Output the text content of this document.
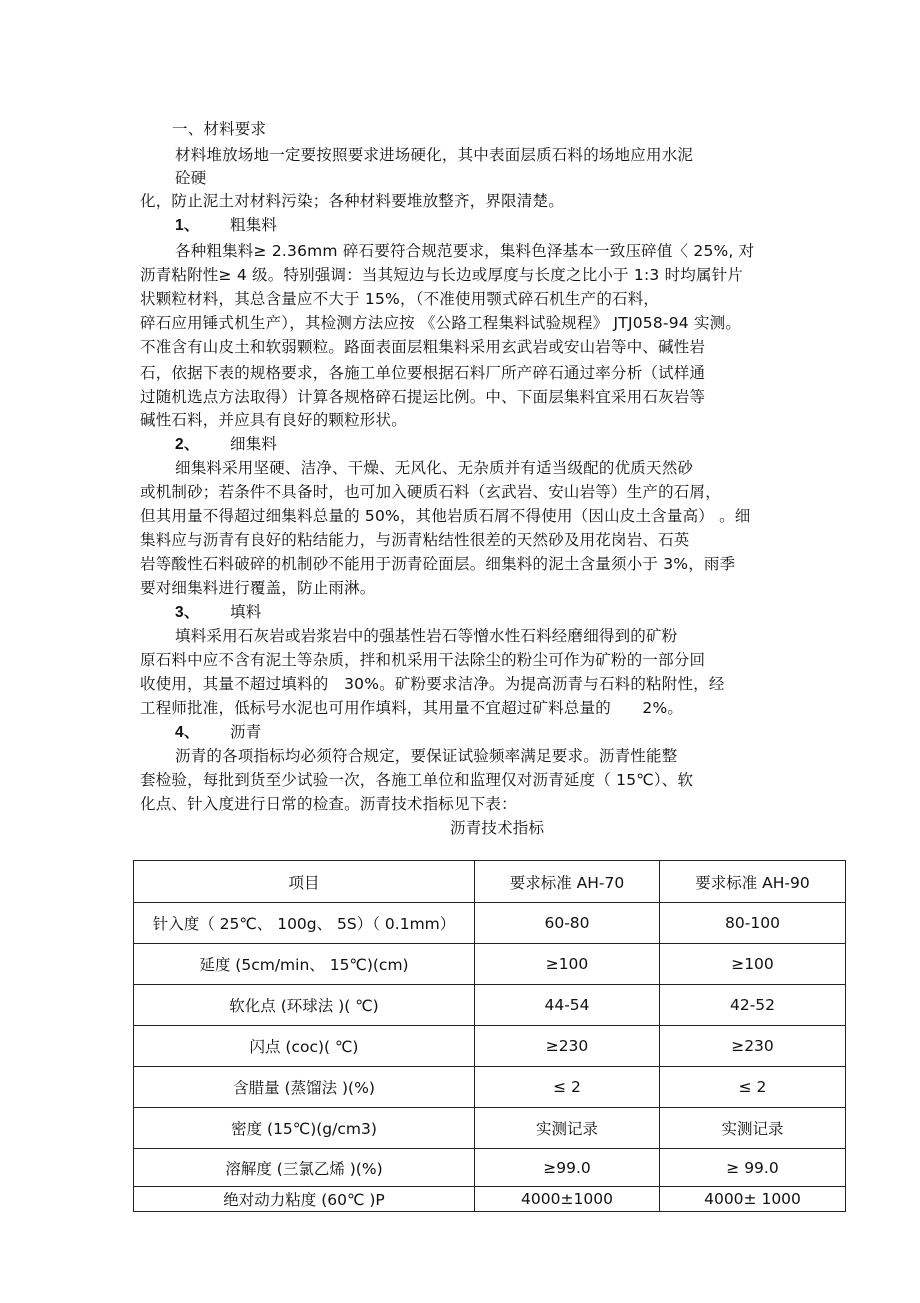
一、材料要求
材料堆放场地一定要按照要求进场硬化，其中表面层质石料的场地应用水泥
砼硬
化，防止泥土对材料污染；各种材料要堆放整齐，界限清楚。
1、 粗集料
各种粗集料≥ 2.36mm 碎石要符合规范要求，集料色泽基本一致压碎值〈 25%, 对
沥青粘附性≥ 4 级。特别强调：当其短边与长边或厚度与长度之比小于 1:3 时均属针片
状颗粒材料，其总含量应不大于 15%，（不准使用颚式碎石机生产的石料，
碎石应用锤式机生产），其检测方法应按 《公路工程集料试验规程》 JTJ058-94 实测。
不准含有山皮土和软弱颗粒。路面表面层粗集料采用玄武岩或安山岩等中、碱性岩
石，依据下表的规格要求，各施工单位要根据石料厂所产碎石通过率分析（试样通
过随机选点方法取得）计算各规格碎石提运比例。中、下面层集料宜采用石灰岩等
碱性石料，并应具有良好的颗粒形状。
2、 细集料
细集料采用坚硬、洁净、干燥、无风化、无杂质并有适当级配的优质天然砂
或机制砂；若条件不具备时，也可加入硬质石料（玄武岩、安山岩等）生产的石屑，
但其用量不得超过细集料总量的 50%，其他岩质石屑不得使用（因山皮土含量高） 。细
集料应与沥青有良好的粘结能力，与沥青粘结性很差的天然砂及用花岗岩、石英
岩等酸性石料破碎的机制砂不能用于沥青砼面层。细集料的泥土含量须小于 3%，雨季
要对细集料进行覆盖，防止雨淋。
3、 填料
填料采用石灰岩或岩浆岩中的强基性岩石等憎水性石料经磨细得到的矿粉
原石料中应不含有泥土等杂质，拌和机采用干法除尘的粉尘可作为矿粉的一部分回
收使用，其量不超过填料的　30%。矿粉要求洁净。为提高沥青与石料的粘附性，经
工程师批准，低标号水泥也可用作填料，其用量不宜超过矿料总量的　　2%。
4、 沥青
沥青的各项指标均必须符合规定，要保证试验频率满足要求。沥青性能整
套检验，每批到货至少试验一次，各施工单位和监理仅对沥青延度（ 15℃）、软
化点、针入度进行日常的检查。沥青技术指标见下表：
沥青技术指标
项目	要求标准 AH-70	要求标准 AH-90
针入度（ 25℃、 100g、 5S）（ 0.1mm）	60-80	80-100
延度 (5cm/min、 15℃)(cm)	≥100	≥100
软化点 (环球法 )( ℃)	44-54	42-52
闪点 (coc)( ℃)	≥230	≥230
含腊量 (蒸馏法 )(%)	≤ 2	≤ 2
密度 (15℃)(g/cm3)	实测记录	实测记录
溶解度 (三氯乙烯 )(%)	≥99.0	≥ 99.0
绝对动力粘度 (60℃ )P	4000±1000	4000± 1000
